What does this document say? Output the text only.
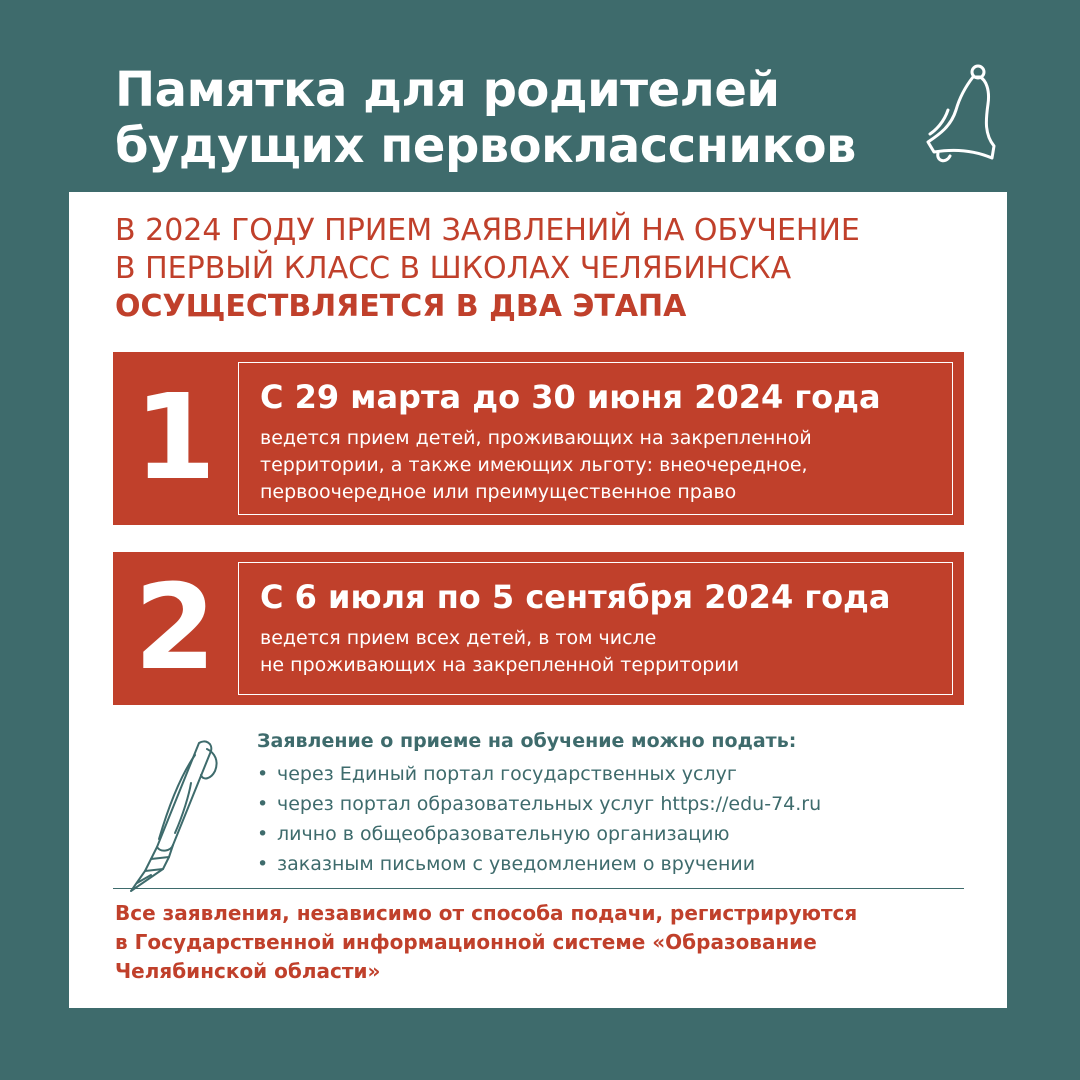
Памятка для родителей
будущих первоклассников
В 2024 ГОДУ ПРИЕМ ЗАЯВЛЕНИЙ НА ОБУЧЕНИЕ
В ПЕРВЫЙ КЛАСС В ШКОЛАХ ЧЕЛЯБИНСКА
ОСУЩЕСТВЛЯЕТСЯ В ДВА ЭТАПА
1	С 29 марта до 30 июня 2024 года
ведется прием детей, проживающих на закрепленной
территории, а также имеющих льготу: внеочередное,
первоочередное или преимущественное право
2	С 6 июля по 5 сентября 2024 года
ведется прием всех детей, в том числе
не проживающих на закрепленной территории
Заявление о приеме на обучение можно подать:
• через Единый портал государственных услуг
• через портал образовательных услуг https://edu-74.ru
• лично в общеобразовательную организацию
• заказным письмом с уведомлением о вручении
Все заявления, независимо от способа подачи, регистрируются
в Государственной информационной системе «Образование
Челябинской области»
